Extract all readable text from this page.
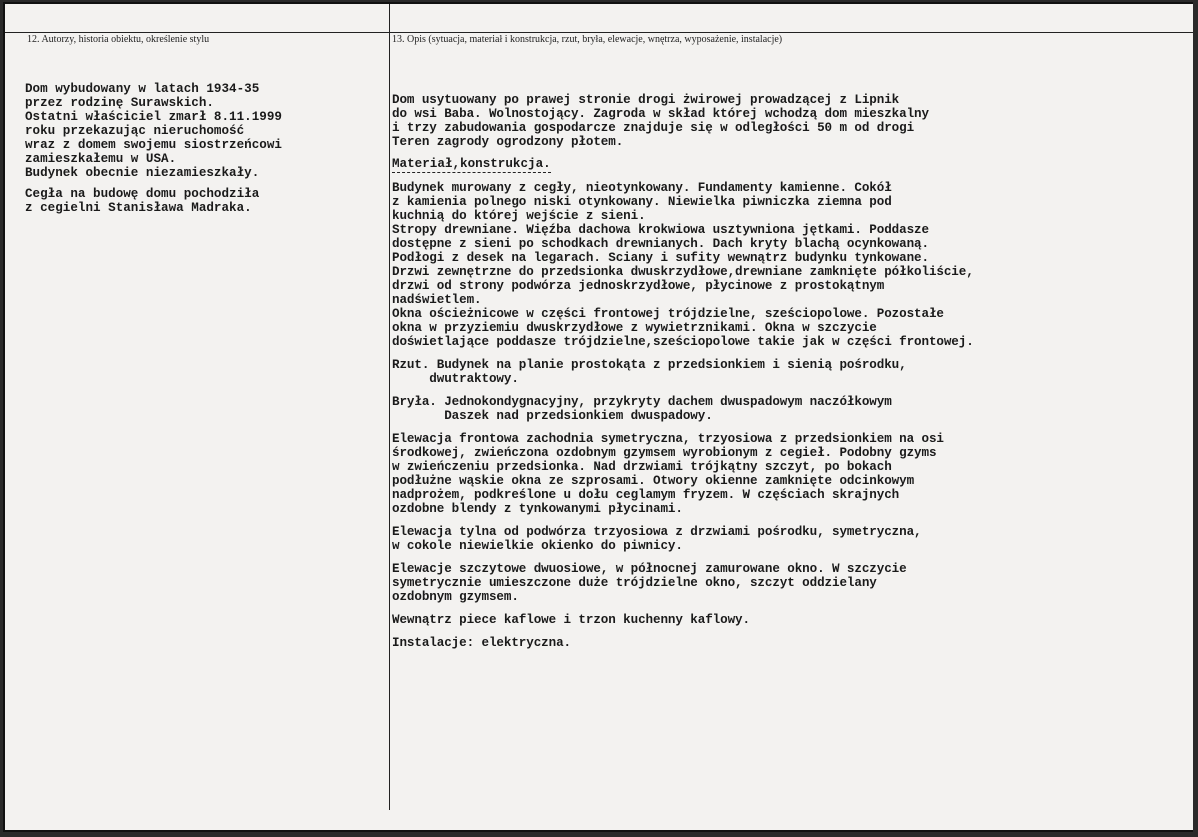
12. Autorzy, historia obiektu, określenie stylu	13. Opis (sytuacja, materiał i konstrukcja, rzut, bryła, elewacje, wnętrza, wyposażenie, instalacje)
Dom wybudowany w latach 1934-35
przez rodzinę Surawskich.
Ostatni właściciel zmarł 8.11.1999
roku przekazując nieruchomość
wraz z domem swojemu siostrzeńcowi
zamieszkałemu w USA.
Budynek obecnie niezamieszkały.
Cegła na budowę domu pochodziła
z cegielni Stanisława Madraka.
Dom usytuowany po prawej stronie drogi żwirowej prowadzącej z Lipnik
do wsi Baba. Wolnostojący. Zagroda w skład której wchodzą dom mieszkalny
i trzy zabudowania gospodarcze znajduje się w odległości 50 m od drogi
Teren zagrody ogrodzony płotem.
Materiał,konstrukcja.
Budynek murowany z cegły, nieotynkowany. Fundamenty kamienne. Cokół
z kamienia polnego niski otynkowany. Niewielka piwniczka ziemna pod
kuchnią do której wejście z sieni.
Stropy drewniane. Więźba dachowa krokwiowa usztywniona jętkami. Poddasze
dostępne z sieni po schodkach drewnianych. Dach kryty blachą ocynkowaną.
Podłogi z desek na legarach. Sciany i sufity wewnątrz budynku tynkowane.
Drzwi zewnętrzne do przedsionka dwuskrzydłowe,drewniane zamknięte półkoliście,
drzwi od strony podwórza jednoskrzydłowe, płycinowe z prostokątnym
nadświetlem.
Okna ościeżnicowe w części frontowej trójdzielne, sześciopolowe. Pozostałe
okna w przyziemiu dwuskrzydłowe z wywietrznikami. Okna w szczycie
doświetlające poddasze trójdzielne,sześciopolowe takie jak w części frontowej.
Rzut. Budynek na planie prostokąta z przedsionkiem i sienią pośrodku,
dwutraktowy.
Bryła. Jednokondygnacyjny, przykryty dachem dwuspadowym naczółkowym
Daszek nad przedsionkiem dwuspadowy.
Elewacja frontowa zachodnia symetryczna, trzyosiowa z przedsionkiem na osi
środkowej, zwieńczona ozdobnym gzymsem wyrobionym z cegieł. Podobny gzyms
w zwieńczeniu przedsionka. Nad drzwiami trójkątny szczyt, po bokach
podłużne wąskie okna ze szprosami. Otwory okienne zamknięte odcinkowym
nadprożem, podkreślone u dołu ceglamym fryzem. W częściach skrajnych
ozdobne blendy z tynkowanymi płycinami.
Elewacja tylna od podwórza trzyosiowa z drzwiami pośrodku, symetryczna,
w cokole niewielkie okienko do piwnicy.
Elewacje szczytowe dwuosiowe, w północnej zamurowane okno. W szczycie
symetrycznie umieszczone duże trójdzielne okno, szczyt oddzielany
ozdobnym gzymsem.
Wewnątrz piece kaflowe i trzon kuchenny kaflowy.
Instalacje: elektryczna.
